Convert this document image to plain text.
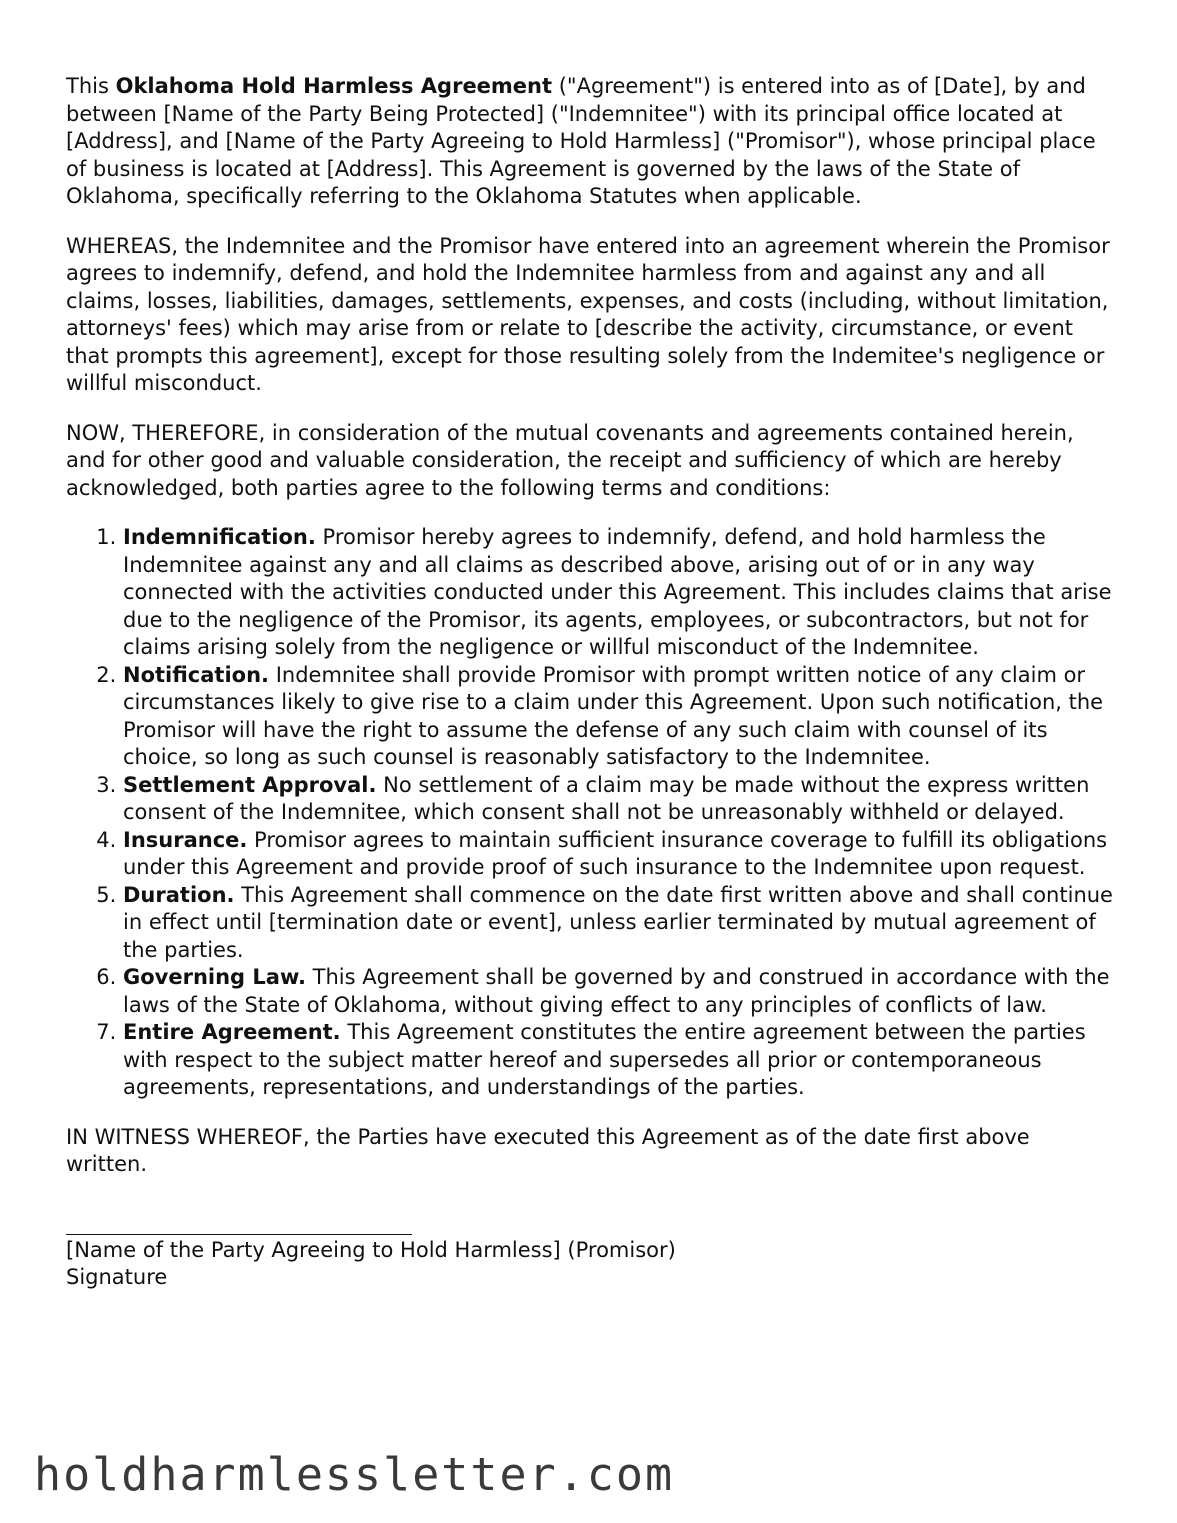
This Oklahoma Hold Harmless Agreement ("Agreement") is entered into as of [Date], by and between [Name of the Party Being Protected] ("Indemnitee") with its principal office located at [Address], and [Name of the Party Agreeing to Hold Harmless] ("Promisor"), whose principal place of business is located at [Address]. This Agreement is governed by the laws of the State of Oklahoma, specifically referring to the Oklahoma Statutes when applicable.

WHEREAS, the Indemnitee and the Promisor have entered into an agreement wherein the Promisor agrees to indemnify, defend, and hold the Indemnitee harmless from and against any and all claims, losses, liabilities, damages, settlements, expenses, and costs (including, without limitation, attorneys' fees) which may arise from or relate to [describe the activity, circumstance, or event that prompts this agreement], except for those resulting solely from the Indemitee's negligence or willful misconduct.

NOW, THEREFORE, in consideration of the mutual covenants and agreements contained herein, and for other good and valuable consideration, the receipt and sufficiency of which are hereby acknowledged, both parties agree to the following terms and conditions:

1. Indemnification. Promisor hereby agrees to indemnify, defend, and hold harmless the Indemnitee against any and all claims as described above, arising out of or in any way connected with the activities conducted under this Agreement. This includes claims that arise due to the negligence of the Promisor, its agents, employees, or subcontractors, but not for claims arising solely from the negligence or willful misconduct of the Indemnitee.
2. Notification. Indemnitee shall provide Promisor with prompt written notice of any claim or circumstances likely to give rise to a claim under this Agreement. Upon such notification, the Promisor will have the right to assume the defense of any such claim with counsel of its choice, so long as such counsel is reasonably satisfactory to the Indemnitee.
3. Settlement Approval. No settlement of a claim may be made without the express written consent of the Indemnitee, which consent shall not be unreasonably withheld or delayed.
4. Insurance. Promisor agrees to maintain sufficient insurance coverage to fulfill its obligations under this Agreement and provide proof of such insurance to the Indemnitee upon request.
5. Duration. This Agreement shall commence on the date first written above and shall continue in effect until [termination date or event], unless earlier terminated by mutual agreement of the parties.
6. Governing Law. This Agreement shall be governed by and construed in accordance with the laws of the State of Oklahoma, without giving effect to any principles of conflicts of law.
7. Entire Agreement. This Agreement constitutes the entire agreement between the parties with respect to the subject matter hereof and supersedes all prior or contemporaneous agreements, representations, and understandings of the parties.

IN WITNESS WHEREOF, the Parties have executed this Agreement as of the date first above written.

[Name of the Party Agreeing to Hold Harmless] (Promisor)
Signature
holdharmlessletter.com
